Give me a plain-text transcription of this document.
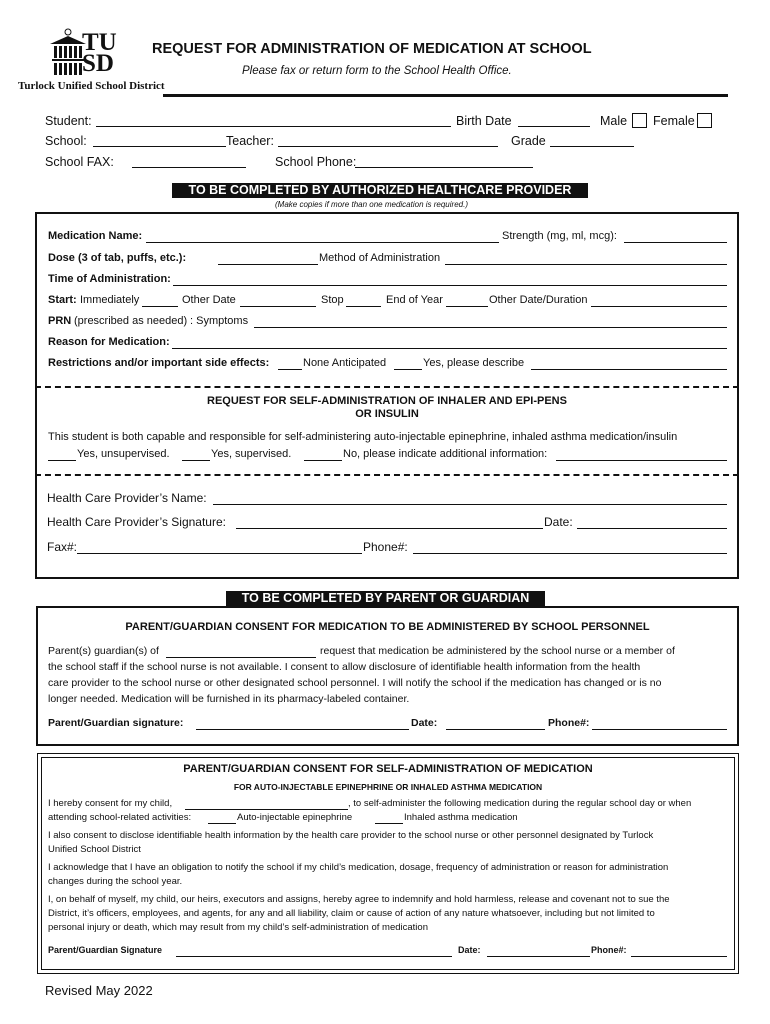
TUSD
Turlock Unified School District
REQUEST FOR ADMINISTRATION OF MEDICATION AT SCHOOL
Please fax or return form to the School Health Office.
Student:	Birth Date	Male Female
School:	Teacher:	Grade
School FAX:	School Phone:
TO BE COMPLETED BY AUTHORIZED HEALTHCARE PROVIDER
(Make copies if more than one medication is required.)
Medication Name:	Strength (mg, ml, mcg):
Dose (3 of tab, puffs, etc.):	Method of Administration
Time of Administration:
Start: Immediately	Other Date	Stop	End of Year	Other Date/Duration
PRN (prescribed as needed) : Symptoms
Reason for Medication:
Restrictions and/or important side effects:	None Anticipated	Yes, please describe
REQUEST FOR SELF-ADMINISTRATION OF INHALER AND EPI-PENS
OR INSULIN
This student is both capable and responsible for self-administering auto-injectable epinephrine, inhaled asthma medication/insulin
Yes, unsupervised.	Yes, supervised.	No, please indicate additional information:
Health Care Provider’s Name:
Health Care Provider’s Signature:	Date:
Fax#:	Phone#:
TO BE COMPLETED BY PARENT OR GUARDIAN
PARENT/GUARDIAN CONSENT FOR MEDICATION TO BE ADMINISTERED BY SCHOOL PERSONNEL
Parent(s) guardian(s) of	request that medication be administered by the school nurse or a member of
the school staff if the school nurse is not available. I consent to allow disclosure of identifiable health information from the health
care provider to the school nurse or other designated school personnel. I will notify the school if the medication has changed or is no
longer needed. Medication will be furnished in its pharmacy-labeled container.
Parent/Guardian signature:	Date:	Phone#:
PARENT/GUARDIAN CONSENT FOR SELF-ADMINISTRATION OF MEDICATION
FOR AUTO-INJECTABLE EPINEPHRINE OR INHALED ASTHMA MEDICATION
I hereby consent for my child,	, to self-administer the following medication during the regular school day or when
attending school-related activities:	Auto-injectable epinephrine	Inhaled asthma medication
I also consent to disclose identifiable health information by the health care provider to the school nurse or other personnel designated by Turlock
Unified School District
I acknowledge that I have an obligation to notify the school if my child’s medication, dosage, frequency of administration or reason for administration
changes during the school year.
I, on behalf of myself, my child, our heirs, executors and assigns, hereby agree to indemnify and hold harmless, release and covenant not to sue the
District, it’s officers, employees, and agents, for any and all liability, claim or cause of action of any nature whatsoever, including but not limited to
personal injury or death, which may result from my child’s self-administration of medication
Parent/Guardian Signature	Date:	Phone#:
Revised May 2022
